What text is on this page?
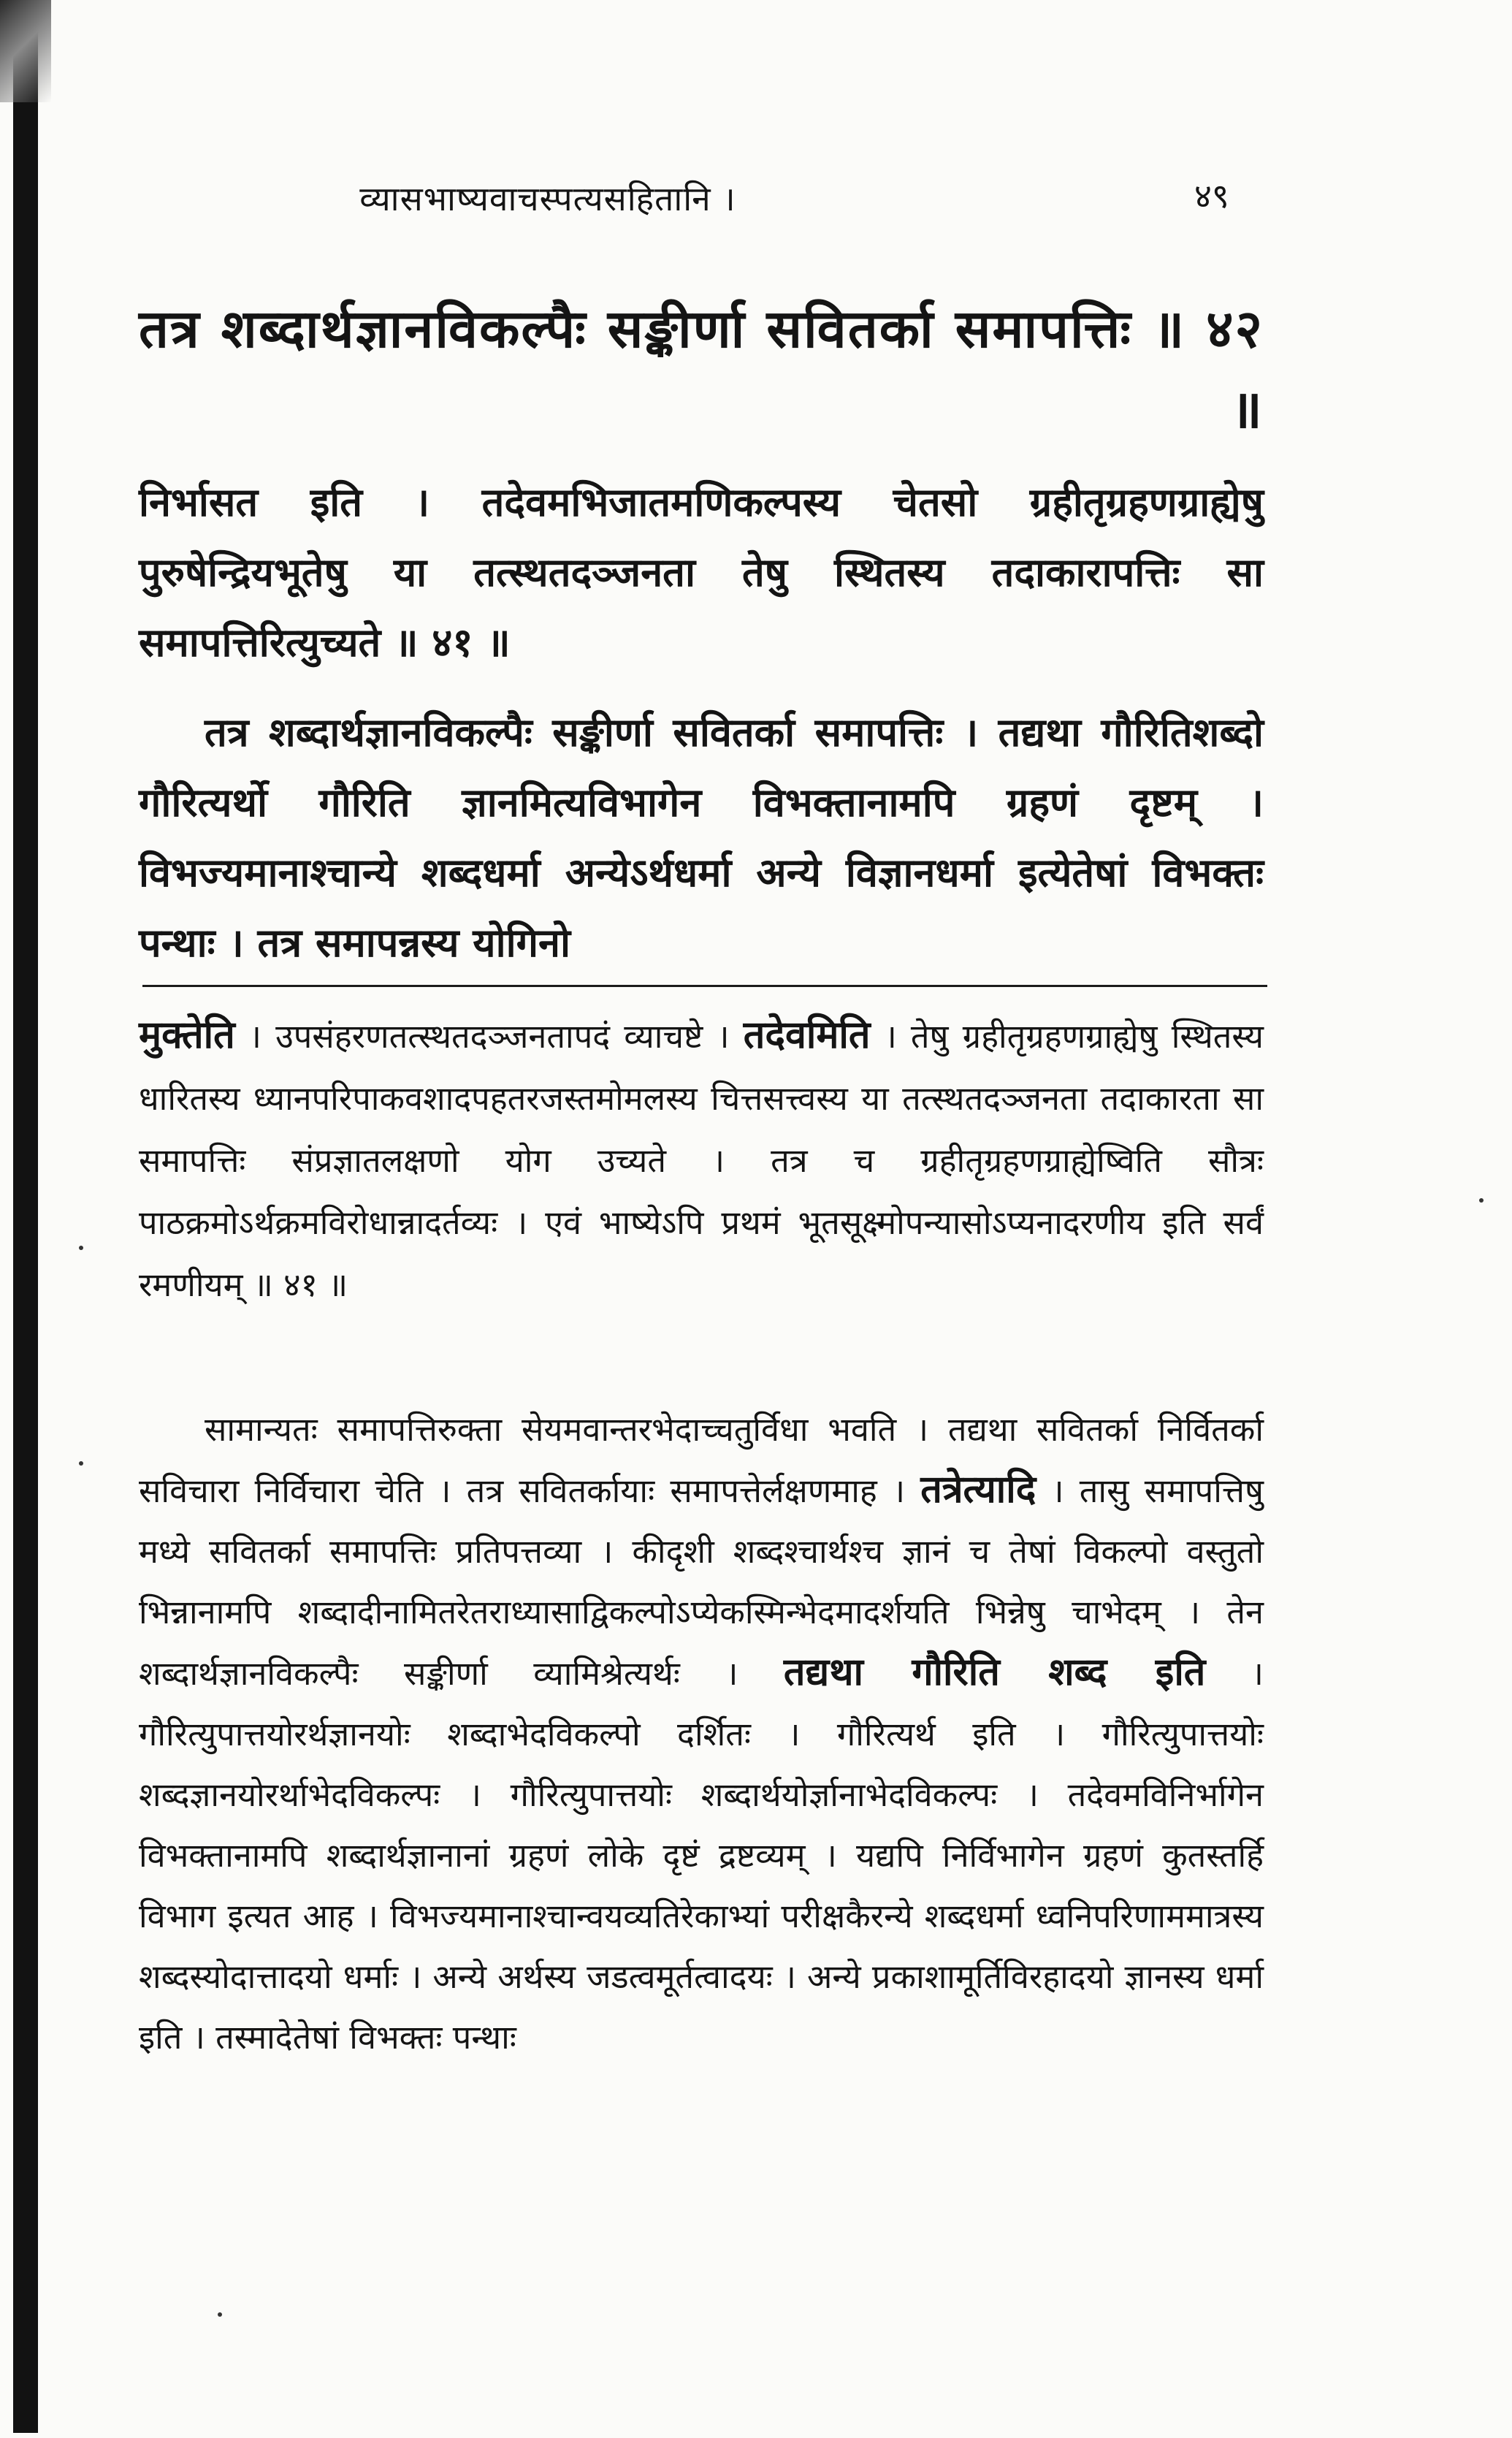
व्यासभाष्यवाचस्पत्यसहितानि ।	४९
तत्र शब्दार्थज्ञानविकल्पैः सङ्कीर्णा सवितर्का समापत्तिः ॥ ४२ ॥

निर्भासत इति । तदेवमभिजातमणिकल्पस्य चेतसो ग्रहीतृग्रहणग्राह्येषु पुरुषेन्द्रियभूतेषु या तत्स्थतदञ्जनता तेषु स्थितस्य तदाकारापत्तिः सा समापत्तिरित्युच्यते ॥ ४१ ॥

तत्र शब्दार्थज्ञानविकल्पैः सङ्कीर्णा सवितर्का समापत्तिः । तद्यथा गौरितिशब्दो गौरित्यर्थो गौरिति ज्ञानमित्यविभागेन विभक्तानामपि ग्रहणं दृष्टम् । विभज्यमानाश्चान्ये शब्दधर्मा अन्येऽर्थधर्मा अन्ये विज्ञानधर्मा इत्येतेषां विभक्तः पन्थाः । तत्र समापन्नस्य योगिनो

मुक्तेति । उपसंहरणतत्स्थतदञ्जनतापदं व्याचष्टे । तदेवमिति । तेषु ग्रहीतृग्रहणग्राह्येषु स्थितस्य धारितस्य ध्यानपरिपाकवशादपहतरजस्तमोमलस्य चित्तसत्त्वस्य या तत्स्थतदञ्जनता तदाकारता सा समापत्तिः संप्रज्ञातलक्षणो योग उच्यते । तत्र च ग्रहीतृग्रहणग्राह्येष्विति सौत्रः पाठक्रमोऽर्थक्रमविरोधान्नादर्तव्यः । एवं भाष्येऽपि प्रथमं भूतसूक्ष्मोपन्यासोऽप्यनादरणीय इति सर्वं रमणीयम् ॥ ४१ ॥

सामान्यतः समापत्तिरुक्ता सेयमवान्तरभेदाच्चतुर्विधा भवति । तद्यथा सवितर्का निर्वितर्का सविचारा निर्विचारा चेति । तत्र सवितर्कायाः समापत्तेर्लक्षणमाह । तत्रेत्यादि । तासु समापत्तिषु मध्ये सवितर्का समापत्तिः प्रतिपत्तव्या । कीदृशी शब्दश्चार्थश्च ज्ञानं च तेषां विकल्पो वस्तुतो भिन्नानामपि शब्दादीनामितरेतराध्यासाद्विकल्पोऽप्येकस्मिन्भेदमादर्शयति भिन्नेषु चाभेदम् । तेन शब्दार्थज्ञानविकल्पैः सङ्कीर्णा व्यामिश्रेत्यर्थः । तद्यथा गौरिति शब्द इति । गौरित्युपात्तयोरर्थज्ञानयोः शब्दाभेदविकल्पो दर्शितः । गौरित्यर्थ इति । गौरित्युपात्तयोः शब्दज्ञानयोरर्थाभेदविकल्पः । गौरित्युपात्तयोः शब्दार्थयोर्ज्ञानाभेदविकल्पः । तदेवमविनिर्भागेन विभक्तानामपि शब्दार्थज्ञानानां ग्रहणं लोके दृष्टं द्रष्टव्यम् । यद्यपि निर्विभागेन ग्रहणं कुतस्तर्हि विभाग इत्यत आह । विभज्यमानाश्चान्वयव्यतिरेकाभ्यां परीक्षकैरन्ये शब्दधर्मा ध्वनिपरिणाममात्रस्य शब्दस्योदात्तादयो धर्माः । अन्ये अर्थस्य जडत्वमूर्तत्वादयः । अन्ये प्रकाशामूर्तिविरहादयो ज्ञानस्य धर्मा इति । तस्मादेतेषां विभक्तः पन्थाः
